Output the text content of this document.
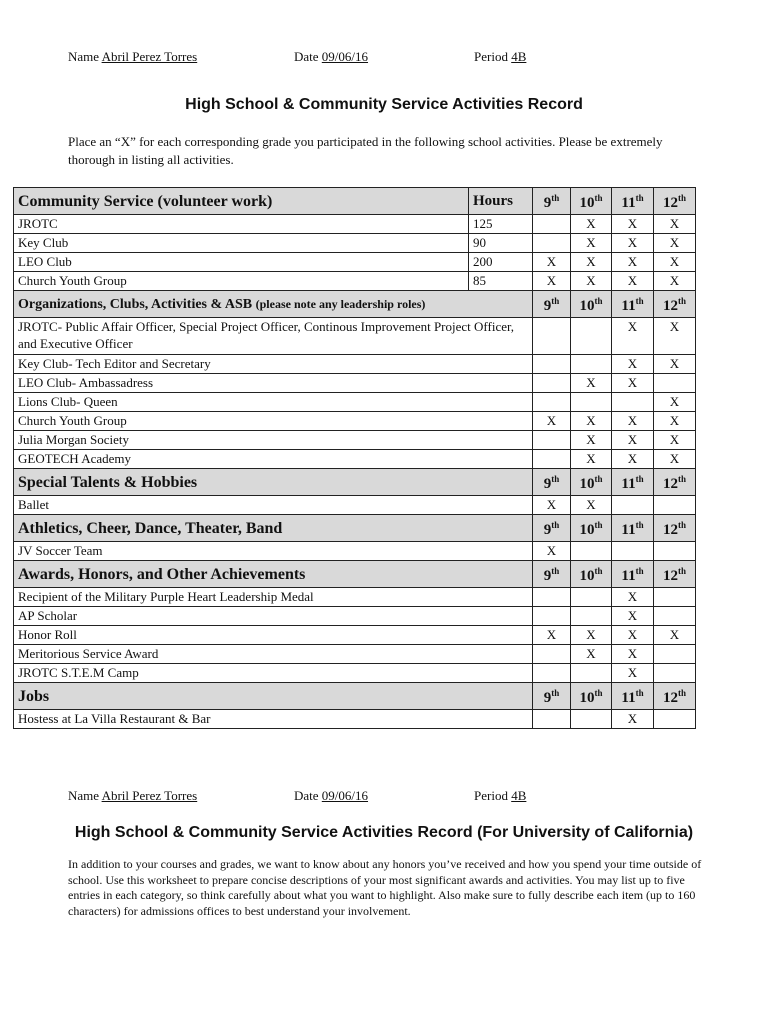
Name Abril Perez Torres	Date 09/06/16	Period 4B
High School & Community Service Activities Record
Place an “X” for each corresponding grade you participated in the following school activities. Please be extremely thorough in listing all activities.
Community Service (volunteer work)	Hours	9th	10th	11th	12th
JROTC	125		X	X	X
Key Club	90		X	X	X
LEO Club	200	X	X	X	X
Church Youth Group	85	X	X	X	X
Organizations, Clubs, Activities & ASB (please note any leadership roles)		9th	10th	11th	12th
JROTC- Public Affair Officer, Special Project Officer, Continous Improvement Project Officer, and Executive Officer				X	X
Key Club- Tech Editor and Secretary				X	X
LEO Club- Ambassadress			X	X	
Lions Club- Queen					X
Church Youth Group		X	X	X	X
Julia Morgan Society			X	X	X
GEOTECH Academy			X	X	X
Special Talents & Hobbies		9th	10th	11th	12th
Ballet		X	X		
Athletics, Cheer, Dance, Theater, Band		9th	10th	11th	12th
JV Soccer Team		X			
Awards, Honors, and Other Achievements		9th	10th	11th	12th
Recipient of the Military Purple Heart Leadership Medal				X	
AP Scholar				X	
Honor Roll		X	X	X	X
Meritorious Service Award			X	X	
JROTC S.T.E.M Camp				X	
Jobs		9th	10th	11th	12th
Hostess at La Villa Restaurant & Bar				X	
Name Abril Perez Torres	Date 09/06/16	Period 4B
High School & Community Service Activities Record (For University of California)
In addition to your courses and grades, we want to know about any honors you’ve received and how you spend your time outside of school. Use this worksheet to prepare concise descriptions of your most significant awards and activities. You may list up to five entries in each category, so think carefully about what you want to highlight. Also make sure to fully describe each item (up to 160 characters) for admissions offices to best understand your involvement.
